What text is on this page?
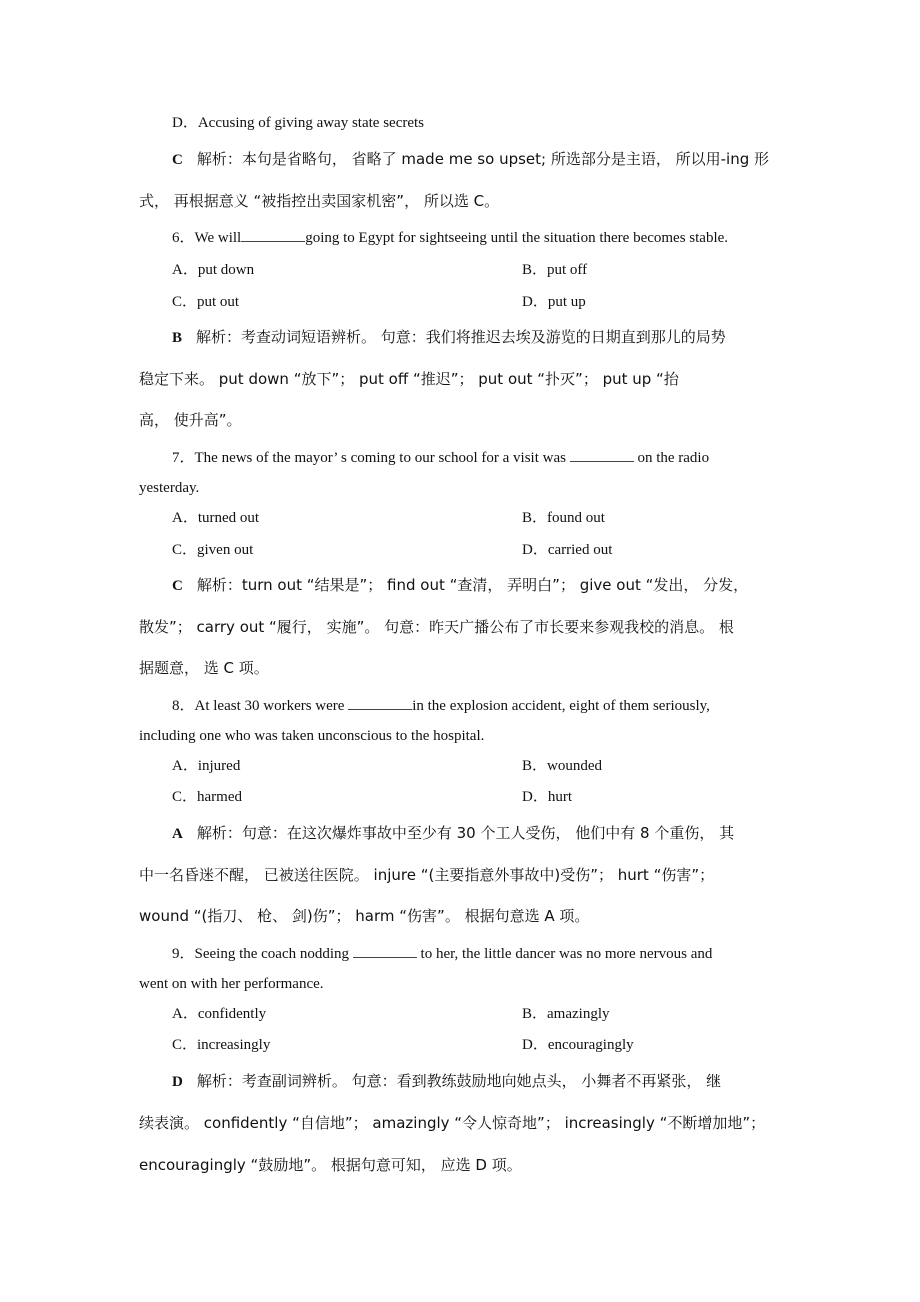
D．Accusing of giving away state secrets
C 解析：本句是省略句， 省略了 made me so upset; 所选部分是主语， 所以用-ing 形
式， 再根据意义 “被指控出卖国家机密”， 所以选 C。
6．We will	going to Egypt for sightseeing until the situation there becomes stable.
A．put down	B．put off
C．put out	D．put up
B 解析：考查动词短语辨析。 句意：我们将推迟去埃及游览的日期直到那儿的局势
稳定下来。 put down “放下”； put off “推迟”； put out “扑灭”； put up “抬
高， 使升高”。
7．The news of the mayor’ s coming to our school for a visit was	on the radio
yesterday.
A．turned out	B．found out
C．given out	D．carried out
C 解析：turn out “结果是”； find out “查清， 弄明白”； give out “发出， 分发，
散发”； carry out “履行， 实施”。 句意：昨天广播公布了市长要来参观我校的消息。 根
据题意， 选 C 项。
8．At least 30 workers were	in the explosion accident, eight of them seriously,
including one who was taken unconscious to the hospital.
A．injured	B．wounded
C．harmed	D．hurt
A 解析：句意：在这次爆炸事故中至少有 30 个工人受伤， 他们中有 8 个重伤， 其
中一名昏迷不醒， 已被送往医院。 injure “(主要指意外事故中)受伤”； hurt “伤害”；
wound “(指刀、 枪、 剑)伤”； harm “伤害”。 根据句意选 A 项。
9．Seeing the coach nodding	to her, the little dancer was no more nervous and
went on with her performance.
A．confidently	B．amazingly
C．increasingly	D．encouragingly
D 解析：考查副词辨析。 句意：看到教练鼓励地向她点头， 小舞者不再紧张， 继
续表演。 confidently “自信地”； amazingly “令人惊奇地”； increasingly “不断增加地”；
encouragingly “鼓励地”。 根据句意可知， 应选 D 项。
